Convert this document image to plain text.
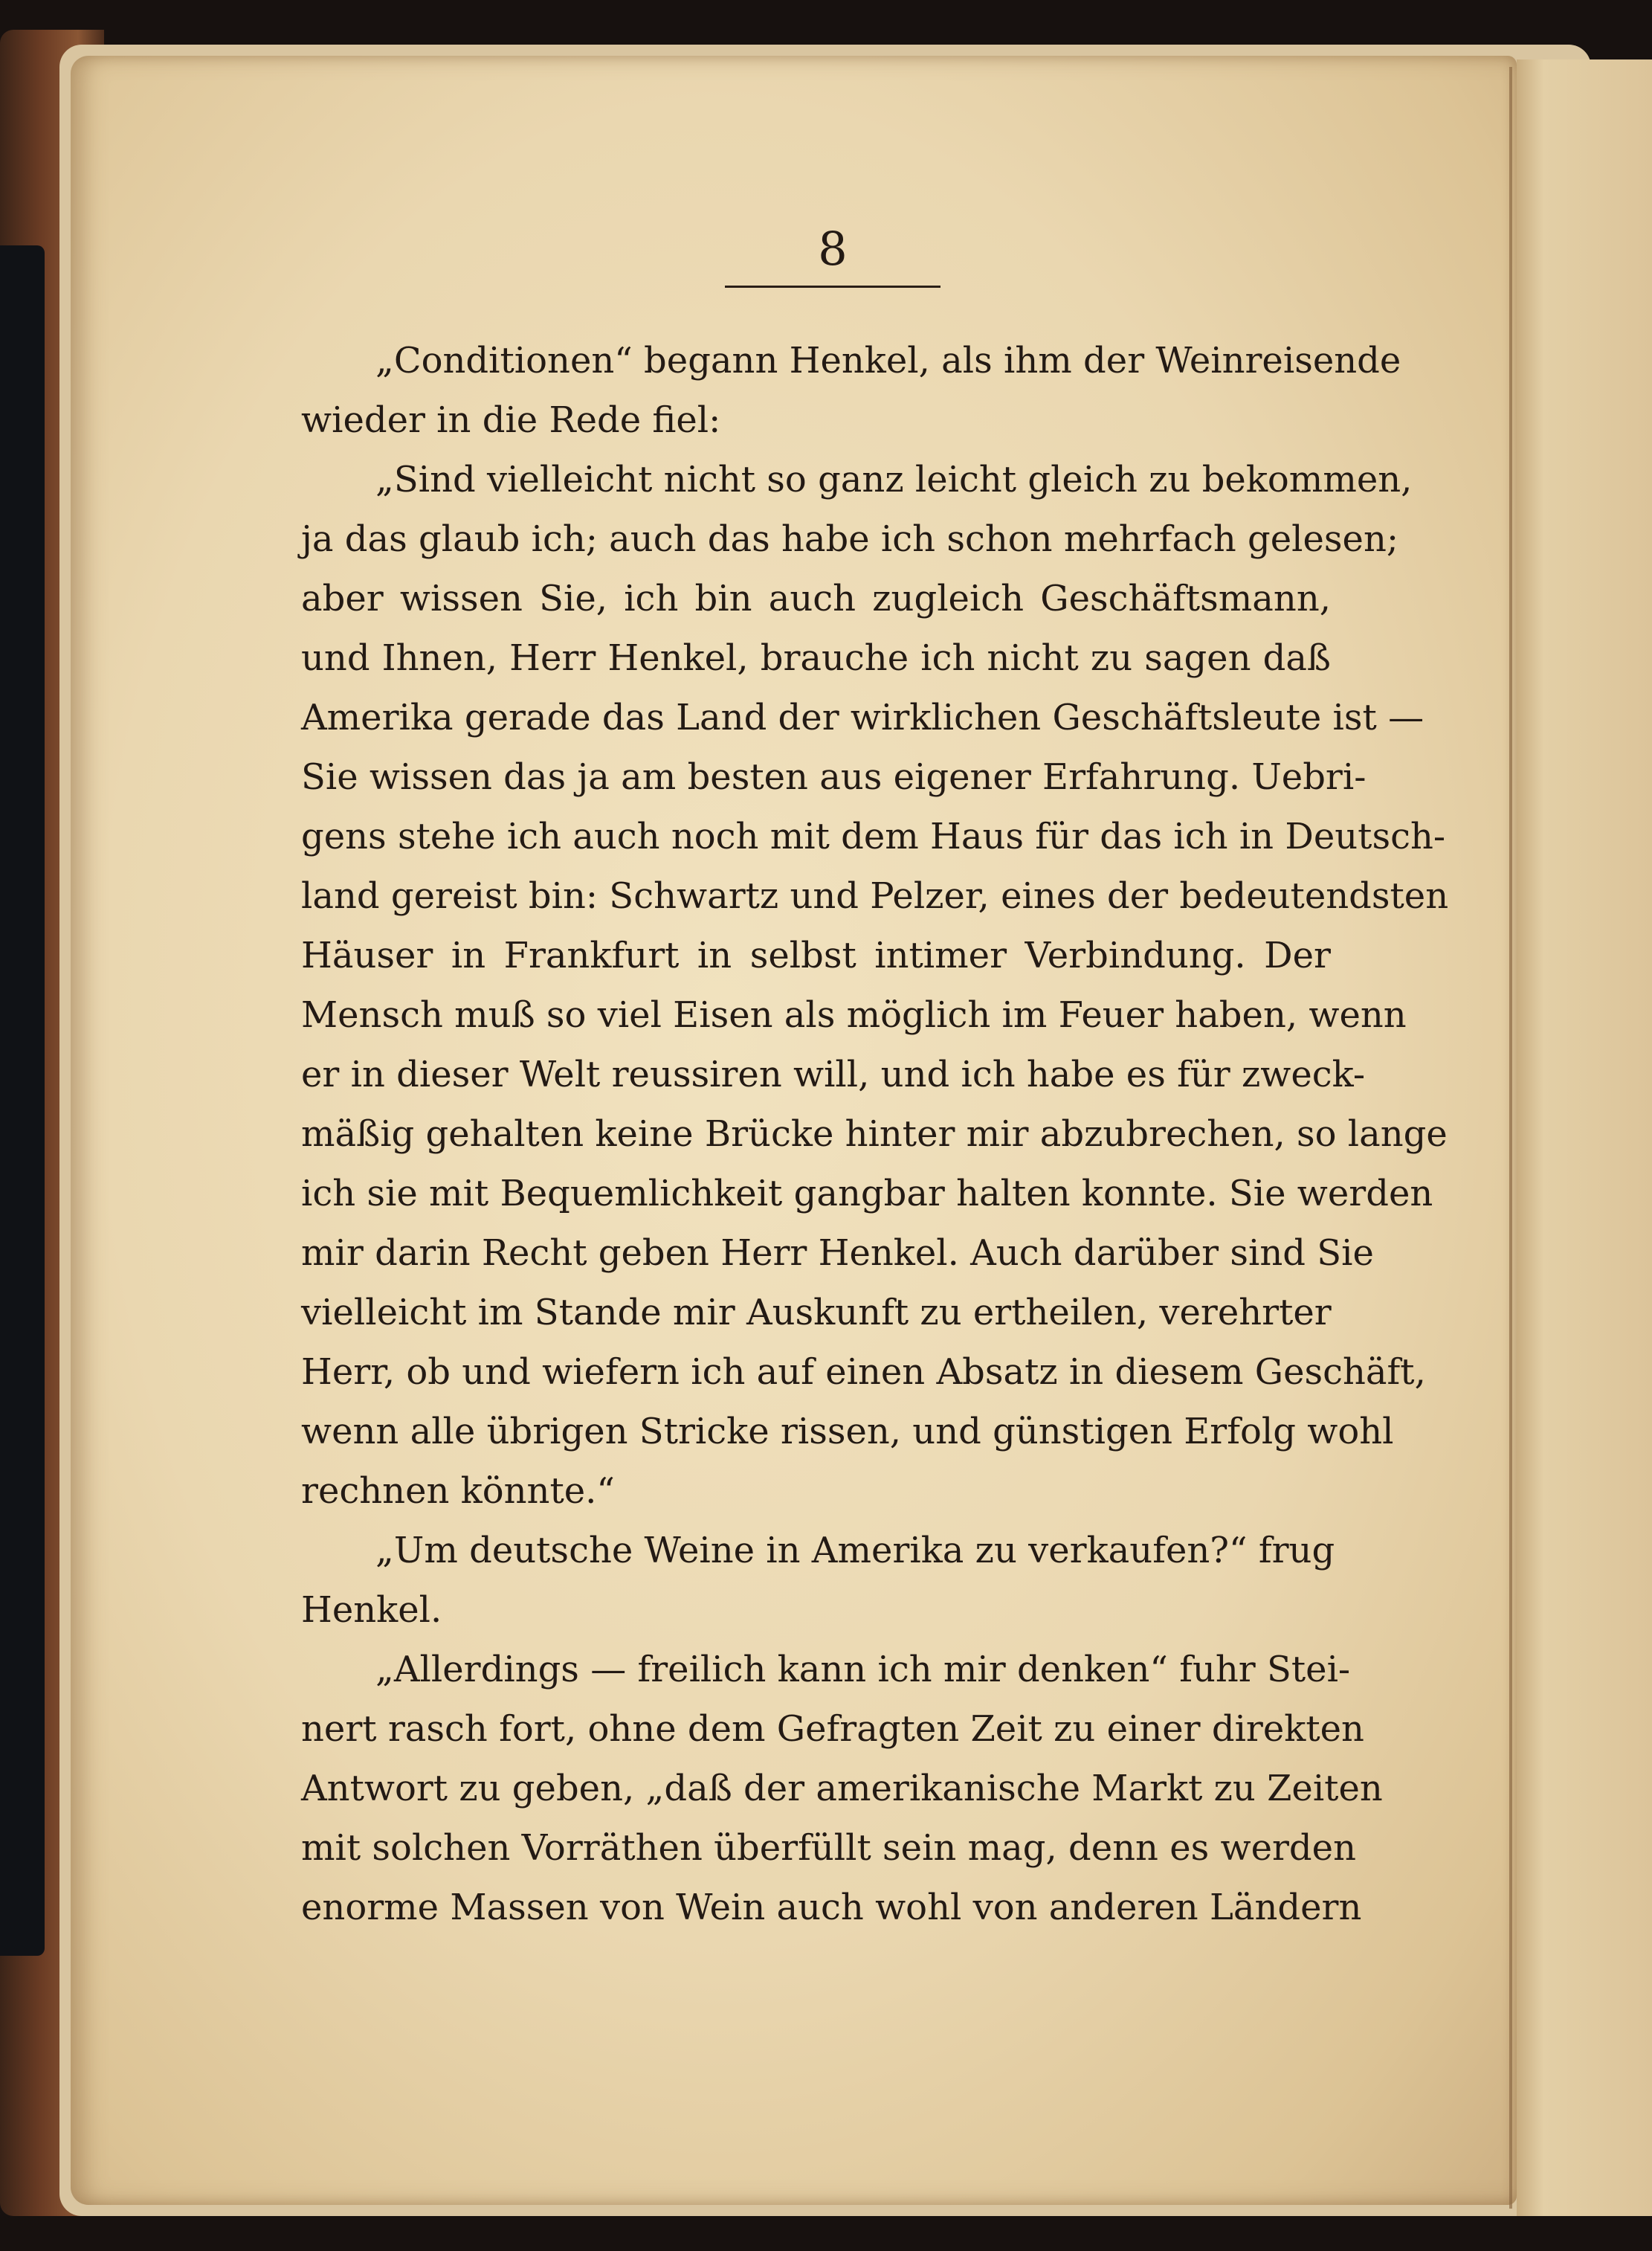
8
„Conditionen“ begann Henkel, als ihm der Weinreisende
wieder in die Rede fiel:
„Sind vielleicht nicht so ganz leicht gleich zu bekommen,
ja das glaub ich; auch das habe ich schon mehrfach gelesen;
aber wissen Sie, ich bin auch zugleich Geschäftsmann,
und Ihnen, Herr Henkel, brauche ich nicht zu sagen daß
Amerika gerade das Land der wirklichen Geschäftsleute ist —
Sie wissen das ja am besten aus eigener Erfahrung. Uebri-
gens stehe ich auch noch mit dem Haus für das ich in Deutsch-
land gereist bin: Schwartz und Pelzer, eines der bedeutendsten
Häuser in Frankfurt in selbst intimer Verbindung. Der
Mensch muß so viel Eisen als möglich im Feuer haben, wenn
er in dieser Welt reussiren will, und ich habe es für zweck-
mäßig gehalten keine Brücke hinter mir abzubrechen, so lange
ich sie mit Bequemlichkeit gangbar halten konnte. Sie werden
mir darin Recht geben Herr Henkel. Auch darüber sind Sie
vielleicht im Stande mir Auskunft zu ertheilen, verehrter
Herr, ob und wiefern ich auf einen Absatz in diesem Geschäft,
wenn alle übrigen Stricke rissen, und günstigen Erfolg wohl
rechnen könnte.“
„Um deutsche Weine in Amerika zu verkaufen?“ frug
Henkel.
„Allerdings — freilich kann ich mir denken“ fuhr Stei-
nert rasch fort, ohne dem Gefragten Zeit zu einer direkten
Antwort zu geben, „daß der amerikanische Markt zu Zeiten
mit solchen Vorräthen überfüllt sein mag, denn es werden
enorme Massen von Wein auch wohl von anderen Ländern
